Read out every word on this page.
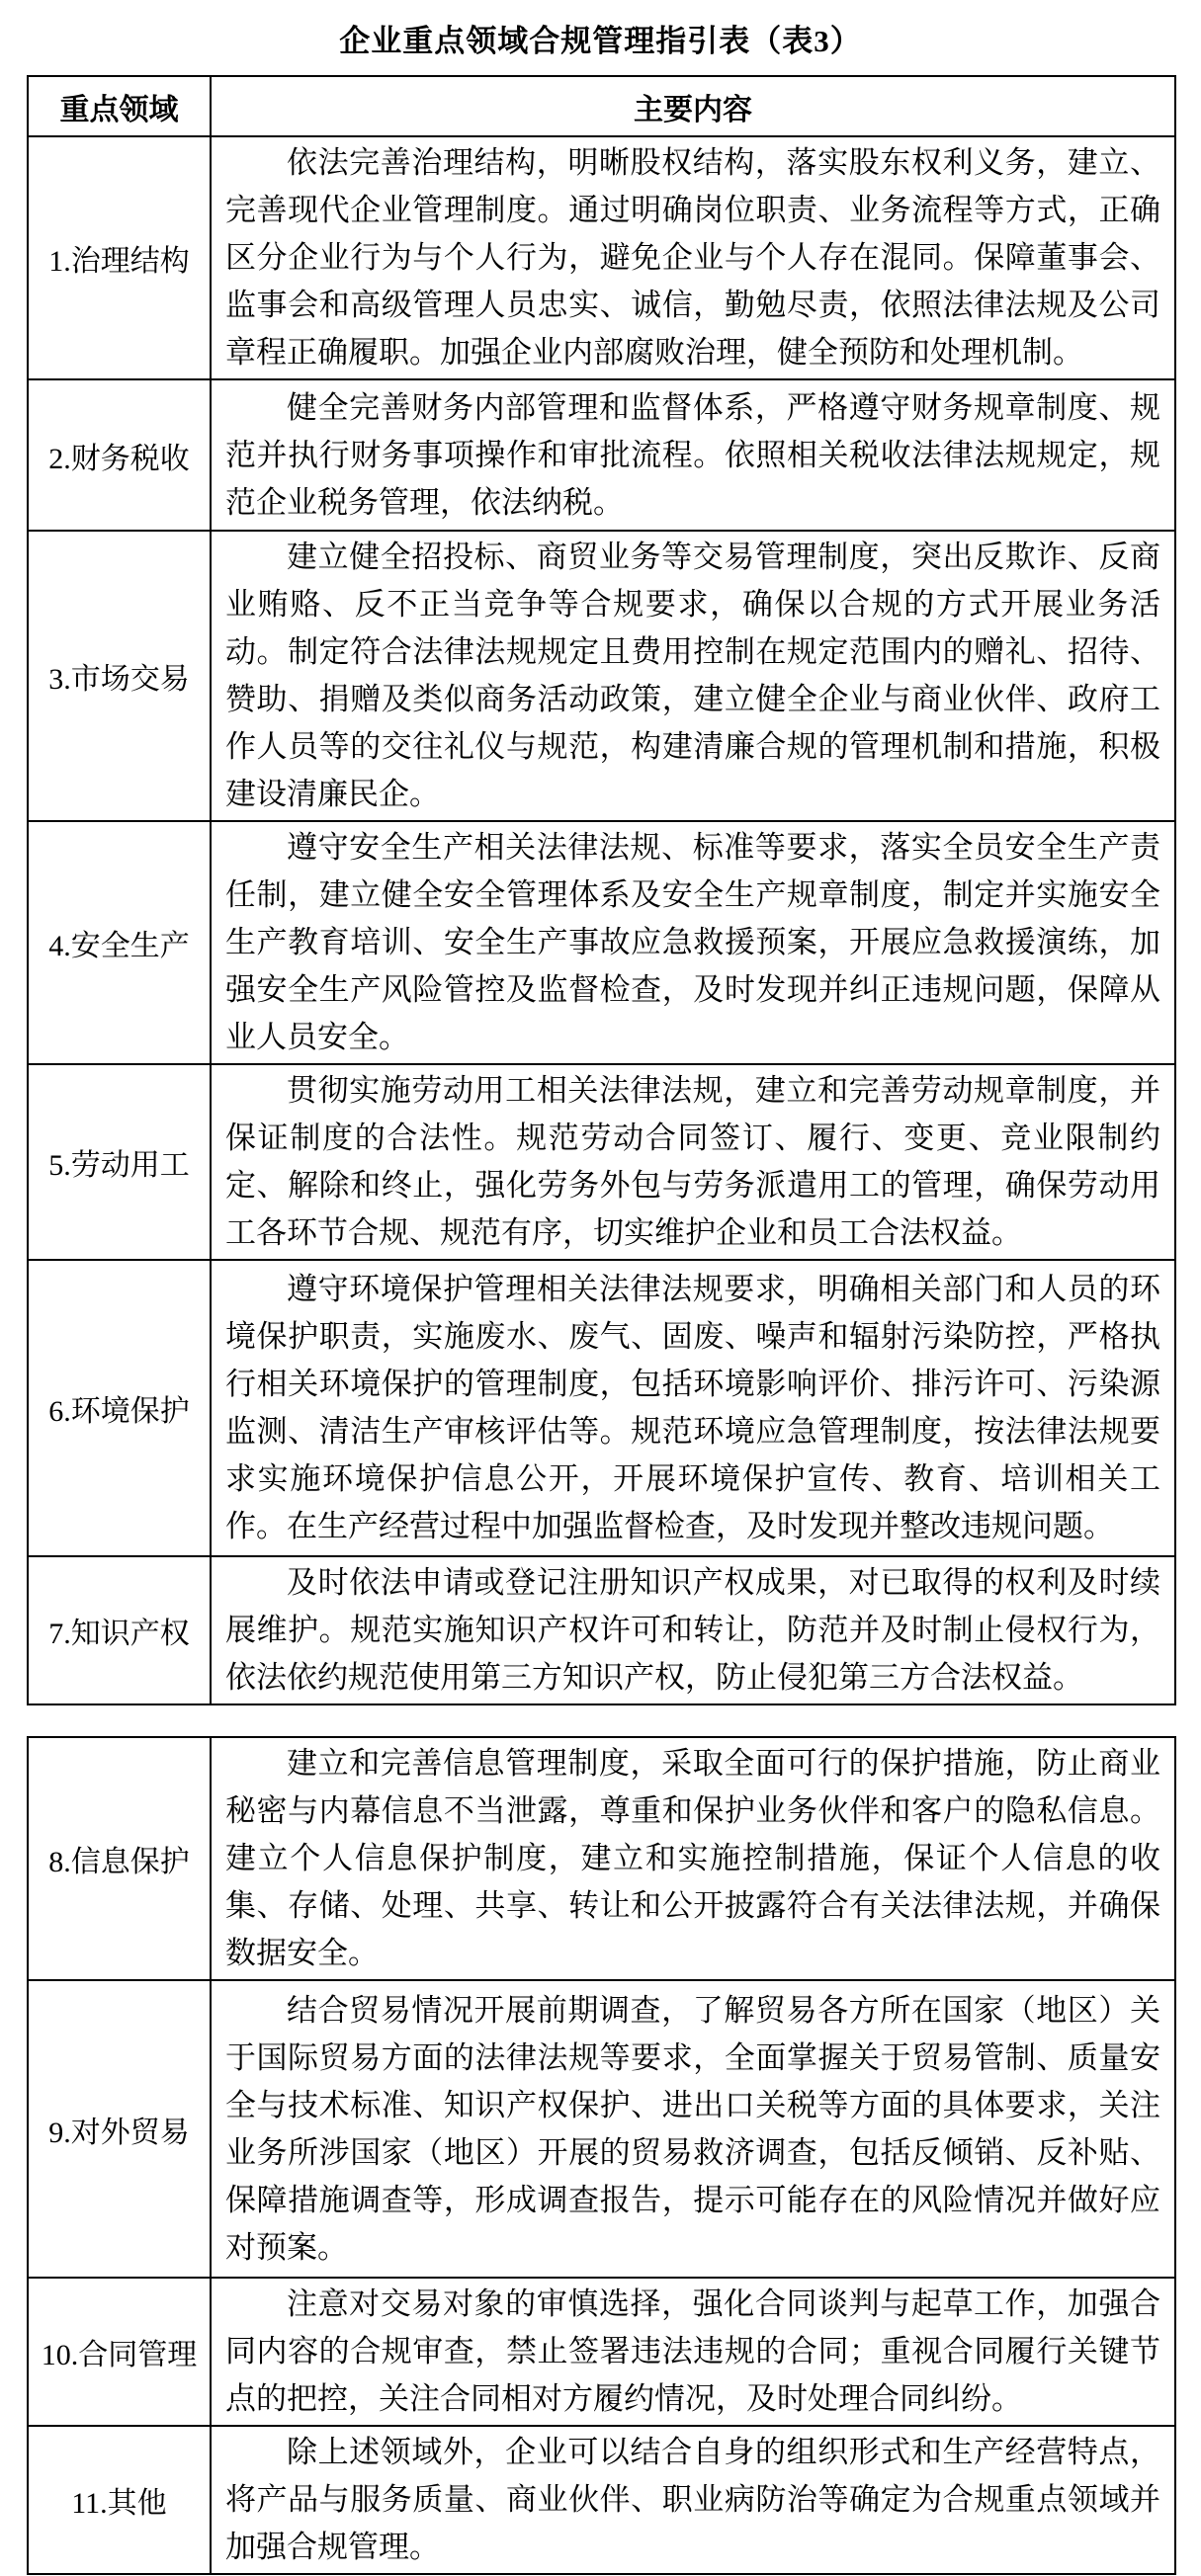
企业重点领域合规管理指引表（表3）
重点领域	主要内容
1.治理结构	依法完善治理结构，明晰股权结构，落实股东权利义务，建立、完善现代企业管理制度。通过明确岗位职责、业务流程等方式，正确区分企业行为与个人行为，避免企业与个人存在混同。保障董事会、监事会和高级管理人员忠实、诚信，勤勉尽责，依照法律法规及公司章程正确履职。加强企业内部腐败治理，健全预防和处理机制。

2.财务税收	健全完善财务内部管理和监督体系，严格遵守财务规章制度、规范并执行财务事项操作和审批流程。依照相关税收法律法规规定，规范企业税务管理，依法纳税。

3.市场交易	建立健全招投标、商贸业务等交易管理制度，突出反欺诈、反商业贿赂、反不正当竞争等合规要求，确保以合规的方式开展业务活动。制定符合法律法规规定且费用控制在规定范围内的赠礼、招待、赞助、捐赠及类似商务活动政策，建立健全企业与商业伙伴、政府工作人员等的交往礼仪与规范，构建清廉合规的管理机制和措施，积极建设清廉民企。

4.安全生产	遵守安全生产相关法律法规、标准等要求，落实全员安全生产责任制，建立健全安全管理体系及安全生产规章制度，制定并实施安全生产教育培训、安全生产事故应急救援预案，开展应急救援演练，加强安全生产风险管控及监督检查，及时发现并纠正违规问题，保障从业人员安全。

5.劳动用工	贯彻实施劳动用工相关法律法规，建立和完善劳动规章制度，并保证制度的合法性。规范劳动合同签订、履行、变更、竞业限制约定、解除和终止，强化劳务外包与劳务派遣用工的管理，确保劳动用工各环节合规、规范有序，切实维护企业和员工合法权益。

6.环境保护	遵守环境保护管理相关法律法规要求，明确相关部门和人员的环境保护职责，实施废水、废气、固废、噪声和辐射污染防控，严格执行相关环境保护的管理制度，包括环境影响评价、排污许可、污染源监测、清洁生产审核评估等。规范环境应急管理制度，按法律法规要求实施环境保护信息公开，开展环境保护宣传、教育、培训相关工作。在生产经营过程中加强监督检查，及时发现并整改违规问题。

7.知识产权	及时依法申请或登记注册知识产权成果，对已取得的权利及时续展维护。规范实施知识产权许可和转让，防范并及时制止侵权行为，依法依约规范使用第三方知识产权，防止侵犯第三方合法权益。

8.信息保护	建立和完善信息管理制度，采取全面可行的保护措施，防止商业秘密与内幕信息不当泄露，尊重和保护业务伙伴和客户的隐私信息。建立个人信息保护制度，建立和实施控制措施，保证个人信息的收集、存储、处理、共享、转让和公开披露符合有关法律法规，并确保数据安全。

9.对外贸易	结合贸易情况开展前期调查，了解贸易各方所在国家（地区）关于国际贸易方面的法律法规等要求，全面掌握关于贸易管制、质量安全与技术标准、知识产权保护、进出口关税等方面的具体要求，关注业务所涉国家（地区）开展的贸易救济调查，包括反倾销、反补贴、保障措施调查等，形成调查报告，提示可能存在的风险情况并做好应对预案。

10.合同管理	注意对交易对象的审慎选择，强化合同谈判与起草工作，加强合同内容的合规审查，禁止签署违法违规的合同；重视合同履行关键节点的把控，关注合同相对方履约情况，及时处理合同纠纷。

11.其他	除上述领域外，企业可以结合自身的组织形式和生产经营特点，将产品与服务质量、商业伙伴、职业病防治等确定为合规重点领域并加强合规管理。
